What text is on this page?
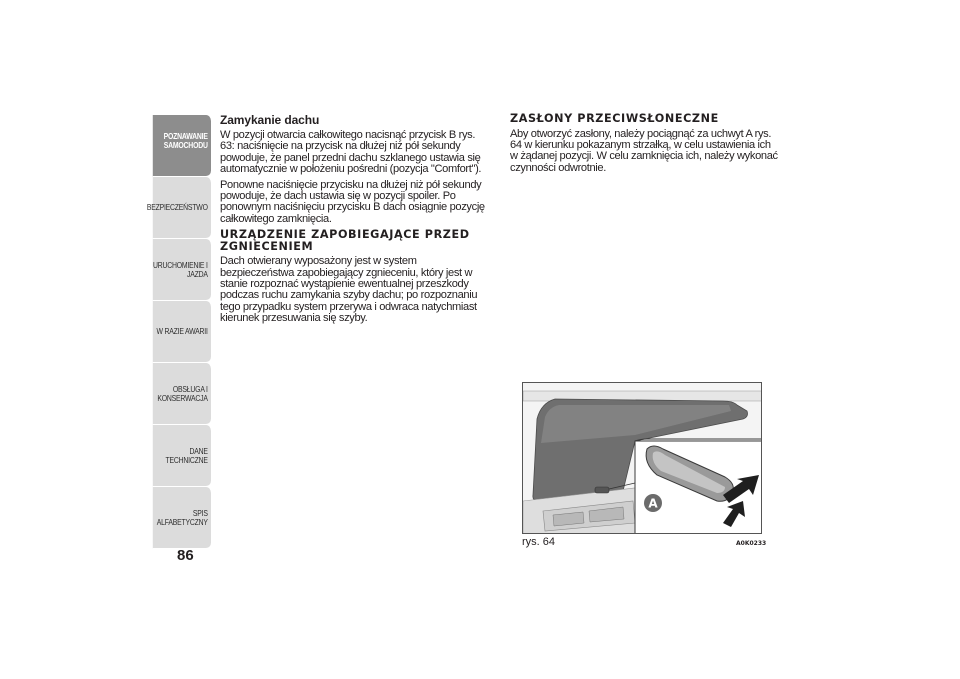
POZNAWANIE
SAMOCHODU
BEZPIECZEŃSTWO
URUCHOMIENIE I
JAZDA
W RAZIE AWARII
OBSŁUGA I
KONSERWACJA
DANE TECHNICZNE
SPIS ALFABETYCZNY
86
Zamykanie dachu

W pozycji otwarcia całkowitego nacisnąć przycisk B rys. 63: naciśnięcie na przycisk na dłużej niż pół sekundy powoduje, że panel przedni dachu szklanego ustawia się automatycznie w położeniu pośredni (pozycja "Comfort").

Ponowne naciśnięcie przycisku na dłużej niż pół sekundy powoduje, że dach ustawia się w pozycji spoiler. Po ponownym naciśnięciu przycisku B dach osiągnie pozycję całkowitego zamknięcia.

URZĄDZENIE ZAPOBIEGAJĄCE PRZED ZGNIECENIEM

Dach otwierany wyposażony jest w system bezpieczeństwa zapobiegający zgnieceniu, który jest w stanie rozpoznać wystąpienie ewentualnej przeszkody podczas ruchu zamykania szyby dachu; po rozpoznaniu tego przypadku system przerywa i odwraca natychmiast kierunek przesuwania się szyby.

ZASŁONY PRZECIWSŁONECZNE

Aby otworzyć zasłony, należy pociągnąć za uchwyt A rys. 64 w kierunku pokazanym strzałką, w celu ustawienia ich w żądanej pozycji. W celu zamknięcia ich, należy wykonać czynności odwrotnie.

A
rys. 64	A0K0233
